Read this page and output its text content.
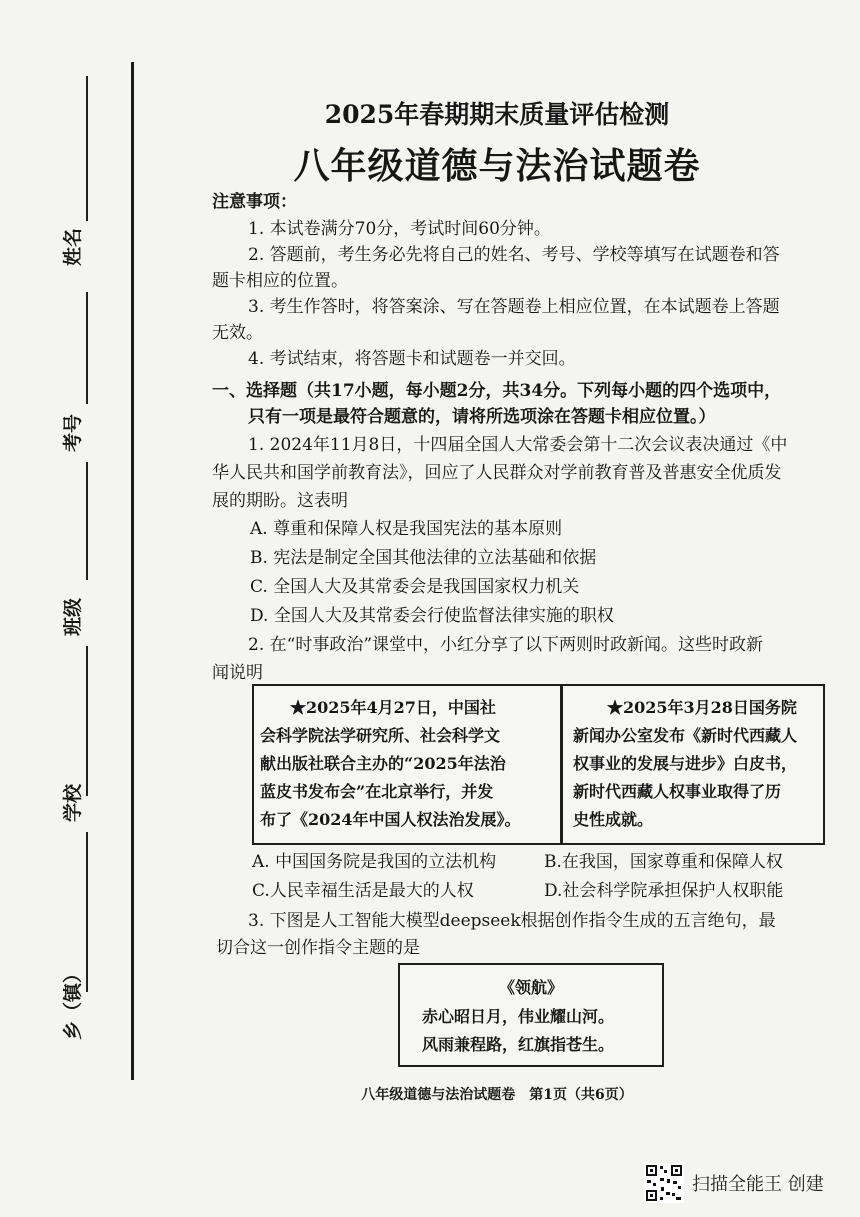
姓名
考号
班级
学校
乡（镇）
2025年春期期末质量评估检测
八年级道德与法治试题卷
注意事项：
1. 本试卷满分70分，考试时间60分钟。
2. 答题前，考生务必先将自己的姓名、考号、学校等填写在试题卷和答
题卡相应的位置。
3. 考生作答时，将答案涂、写在答题卷上相应位置，在本试题卷上答题
无效。
4. 考试结束，将答题卡和试题卷一并交回。
一、选择题（共17小题，每小题2分，共34分。下列每小题的四个选项中，
只有一项是最符合题意的，请将所选项涂在答题卡相应位置。）
1. 2024年11月8日，十四届全国人大常委会第十二次会议表决通过《中
华人民共和国学前教育法》，回应了人民群众对学前教育普及普惠安全优质发
展的期盼。这表明
A. 尊重和保障人权是我国宪法的基本原则
B. 宪法是制定全国其他法律的立法基础和依据
C. 全国人大及其常委会是我国国家权力机关
D. 全国人大及其常委会行使监督法律实施的职权
2. 在“时事政治”课堂中，小红分享了以下两则时政新闻。这些时政新
闻说明
★2025年4月27日，中国社
会科学院法学研究所、社会科学文
献出版社联合主办的“2025年法治
蓝皮书发布会”在北京举行，并发
布了《2024年中国人权法治发展》。
★2025年3月28日国务院
新闻办公室发布《新时代西藏人
权事业的发展与进步》白皮书，
新时代西藏人权事业取得了历
史性成就。
A. 中国国务院是我国的立法机构	B.在我国，国家尊重和保障人权
C.人民幸福生活是最大的人权	D.社会科学院承担保护人权职能
3. 下图是人工智能大模型deepseek根据创作指令生成的五言绝句，最
切合这一创作指令主题的是
《领航》
赤心昭日月，伟业耀山河。
风雨兼程路，红旗指苍生。
八年级道德与法治试题卷　第1页（共6页）
扫描全能王 创建
